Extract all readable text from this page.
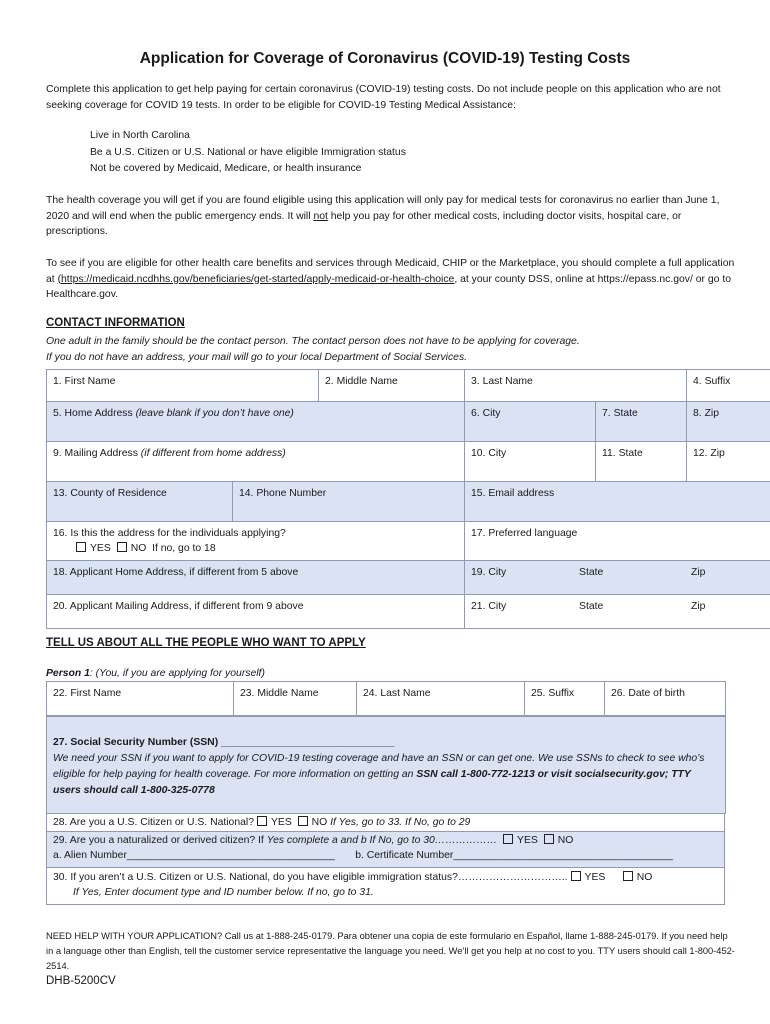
Application for Coverage of Coronavirus (COVID-19) Testing Costs
Complete this application to get help paying for certain coronavirus (COVID-19) testing costs. Do not include people on this application who are not seeking coverage for COVID 19 tests. In order to be eligible for COVID-19 Testing Medical Assistance:
Live in North Carolina
Be a U.S. Citizen or U.S. National or have eligible Immigration status
Not be covered by Medicaid, Medicare, or health insurance
The health coverage you will get if you are found eligible using this application will only pay for medical tests for coronavirus no earlier than June 1, 2020 and will end when the public emergency ends. It will not help you pay for other medical costs, including doctor visits, hospital care, or prescriptions.
To see if you are eligible for other health care benefits and services through Medicaid, CHIP or the Marketplace, you should complete a full application at (https://medicaid.ncdhhs.gov/beneficiaries/get-started/apply-medicaid-or-health-choice, at your county DSS, online at https://epass.nc.gov/ or go to Healthcare.gov.
CONTACT INFORMATION
One adult in the family should be the contact person. The contact person does not have to be applying for coverage.
If you do not have an address, your mail will go to your local Department of Social Services.
1. First Name		2. Middle Name	3. Last Name		4. Suffix
5. Home Address (leave blank if you don’t have one)			6. City	7. State	8. Zip
9. Mailing Address (if different from home address)			10. City	11. State	12. Zip
13. County of Residence	14. Phone Number		15. Email address		

16. Is this the address for the individuals applying?
YES NO If no, go to 18			17. Preferred language		
18. Applicant Home Address, if different from 5 above			19. City State Zip		
20. Applicant Mailing Address, if different from 9 above			21. City State Zip		
TELL US ABOUT ALL THE PEOPLE WHO WANT TO APPLY
Person 1: (You, if you are applying for yourself)
22. First Name	23. Middle Name	24. Last Name	25. Suffix	26. Date of birth
27. Social Security Number (SSN) ______________________________
We need your SSN if you want to apply for COVID-19 testing coverage and have an SSN or can get one. We use SSNs to check to see who’s eligible for help paying for health coverage. For more information on getting an SSN call 1-800-772-1213 or visit socialsecurity.gov; TTY users should call 1-800-325-0778
28. Are you a U.S. Citizen or U.S. National? YES NO If Yes, go to 33. If No, go to 29

29. Are you a naturalized or derived citizen? If Yes complete a and b If No, go to 30……………… YES NO
a. Alien Number____________________________________ b. Certificate Number______________________________________

30. If you aren’t a U.S. Citizen or U.S. National, do you have eligible immigration status?………………………….. YES	NO
If Yes, Enter document type and ID number below. If no, go to 31.
NEED HELP WITH YOUR APPLICATION? Call us at 1-888-245-0179. Para obtener una copia de este formulario en Español, llame 1-888-245-0179. If you need help in a language other than English, tell the customer service representative the language you need. We’ll get you help at no cost to you. TTY users should call 1-800-452-2514.
DHB-5200CV
